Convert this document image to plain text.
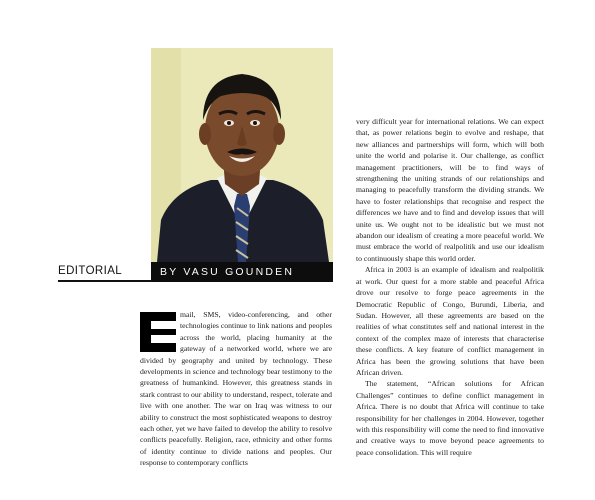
EDITORIAL	BY VASU GOUNDEN

mail, SMS, video-conferencing, and other technologies continue to link nations and peoples across the world, placing humanity at the gateway of a networked world, where we are divided by geography and united by technology. These developments in science and technology bear testimony to the greatness of humankind. However, this greatness stands in stark contrast to our ability to understand, respect, tolerate and live with one another. The war on Iraq was witness to our ability to construct the most sophisticated weapons to destroy each other, yet we have failed to develop the ability to resolve conflicts peacefully. Religion, race, ethnicity and other forms of identity continue to divide nations and peoples. Our response to contemporary conflicts

very difficult year for international relations. We can expect that, as power relations begin to evolve and reshape, that new alliances and partnerships will form, which will both unite the world and polarise it. Our challenge, as conflict management practitioners, will be to find ways of strengthening the uniting strands of our relationships and managing to peacefully transform the dividing strands. We have to foster relationships that recognise and respect the differences we have and to find and develop issues that will unite us. We ought not to be idealistic but we must not abandon our idealism of creating a more peaceful world. We must embrace the world of realpolitik and use our idealism to continuously shape this world order.

Africa in 2003 is an example of idealism and realpolitik at work. Our quest for a more stable and peaceful Africa drove our resolve to forge peace agreements in the Democratic Republic of Congo, Burundi, Liberia, and Sudan. However, all these agreements are based on the realities of what constitutes self and national interest in the context of the complex maze of interests that characterise these conflicts. A key feature of conflict management in Africa has been the growing solutions that have been African driven.

The statement, “African solutions for African Challenges” continues to define conflict management in Africa. There is no doubt that Africa will continue to take responsibility for her challenges in 2004. However, together with this responsibility will come the need to find innovative and creative ways to move beyond peace agreements to peace consolidation. This will require
